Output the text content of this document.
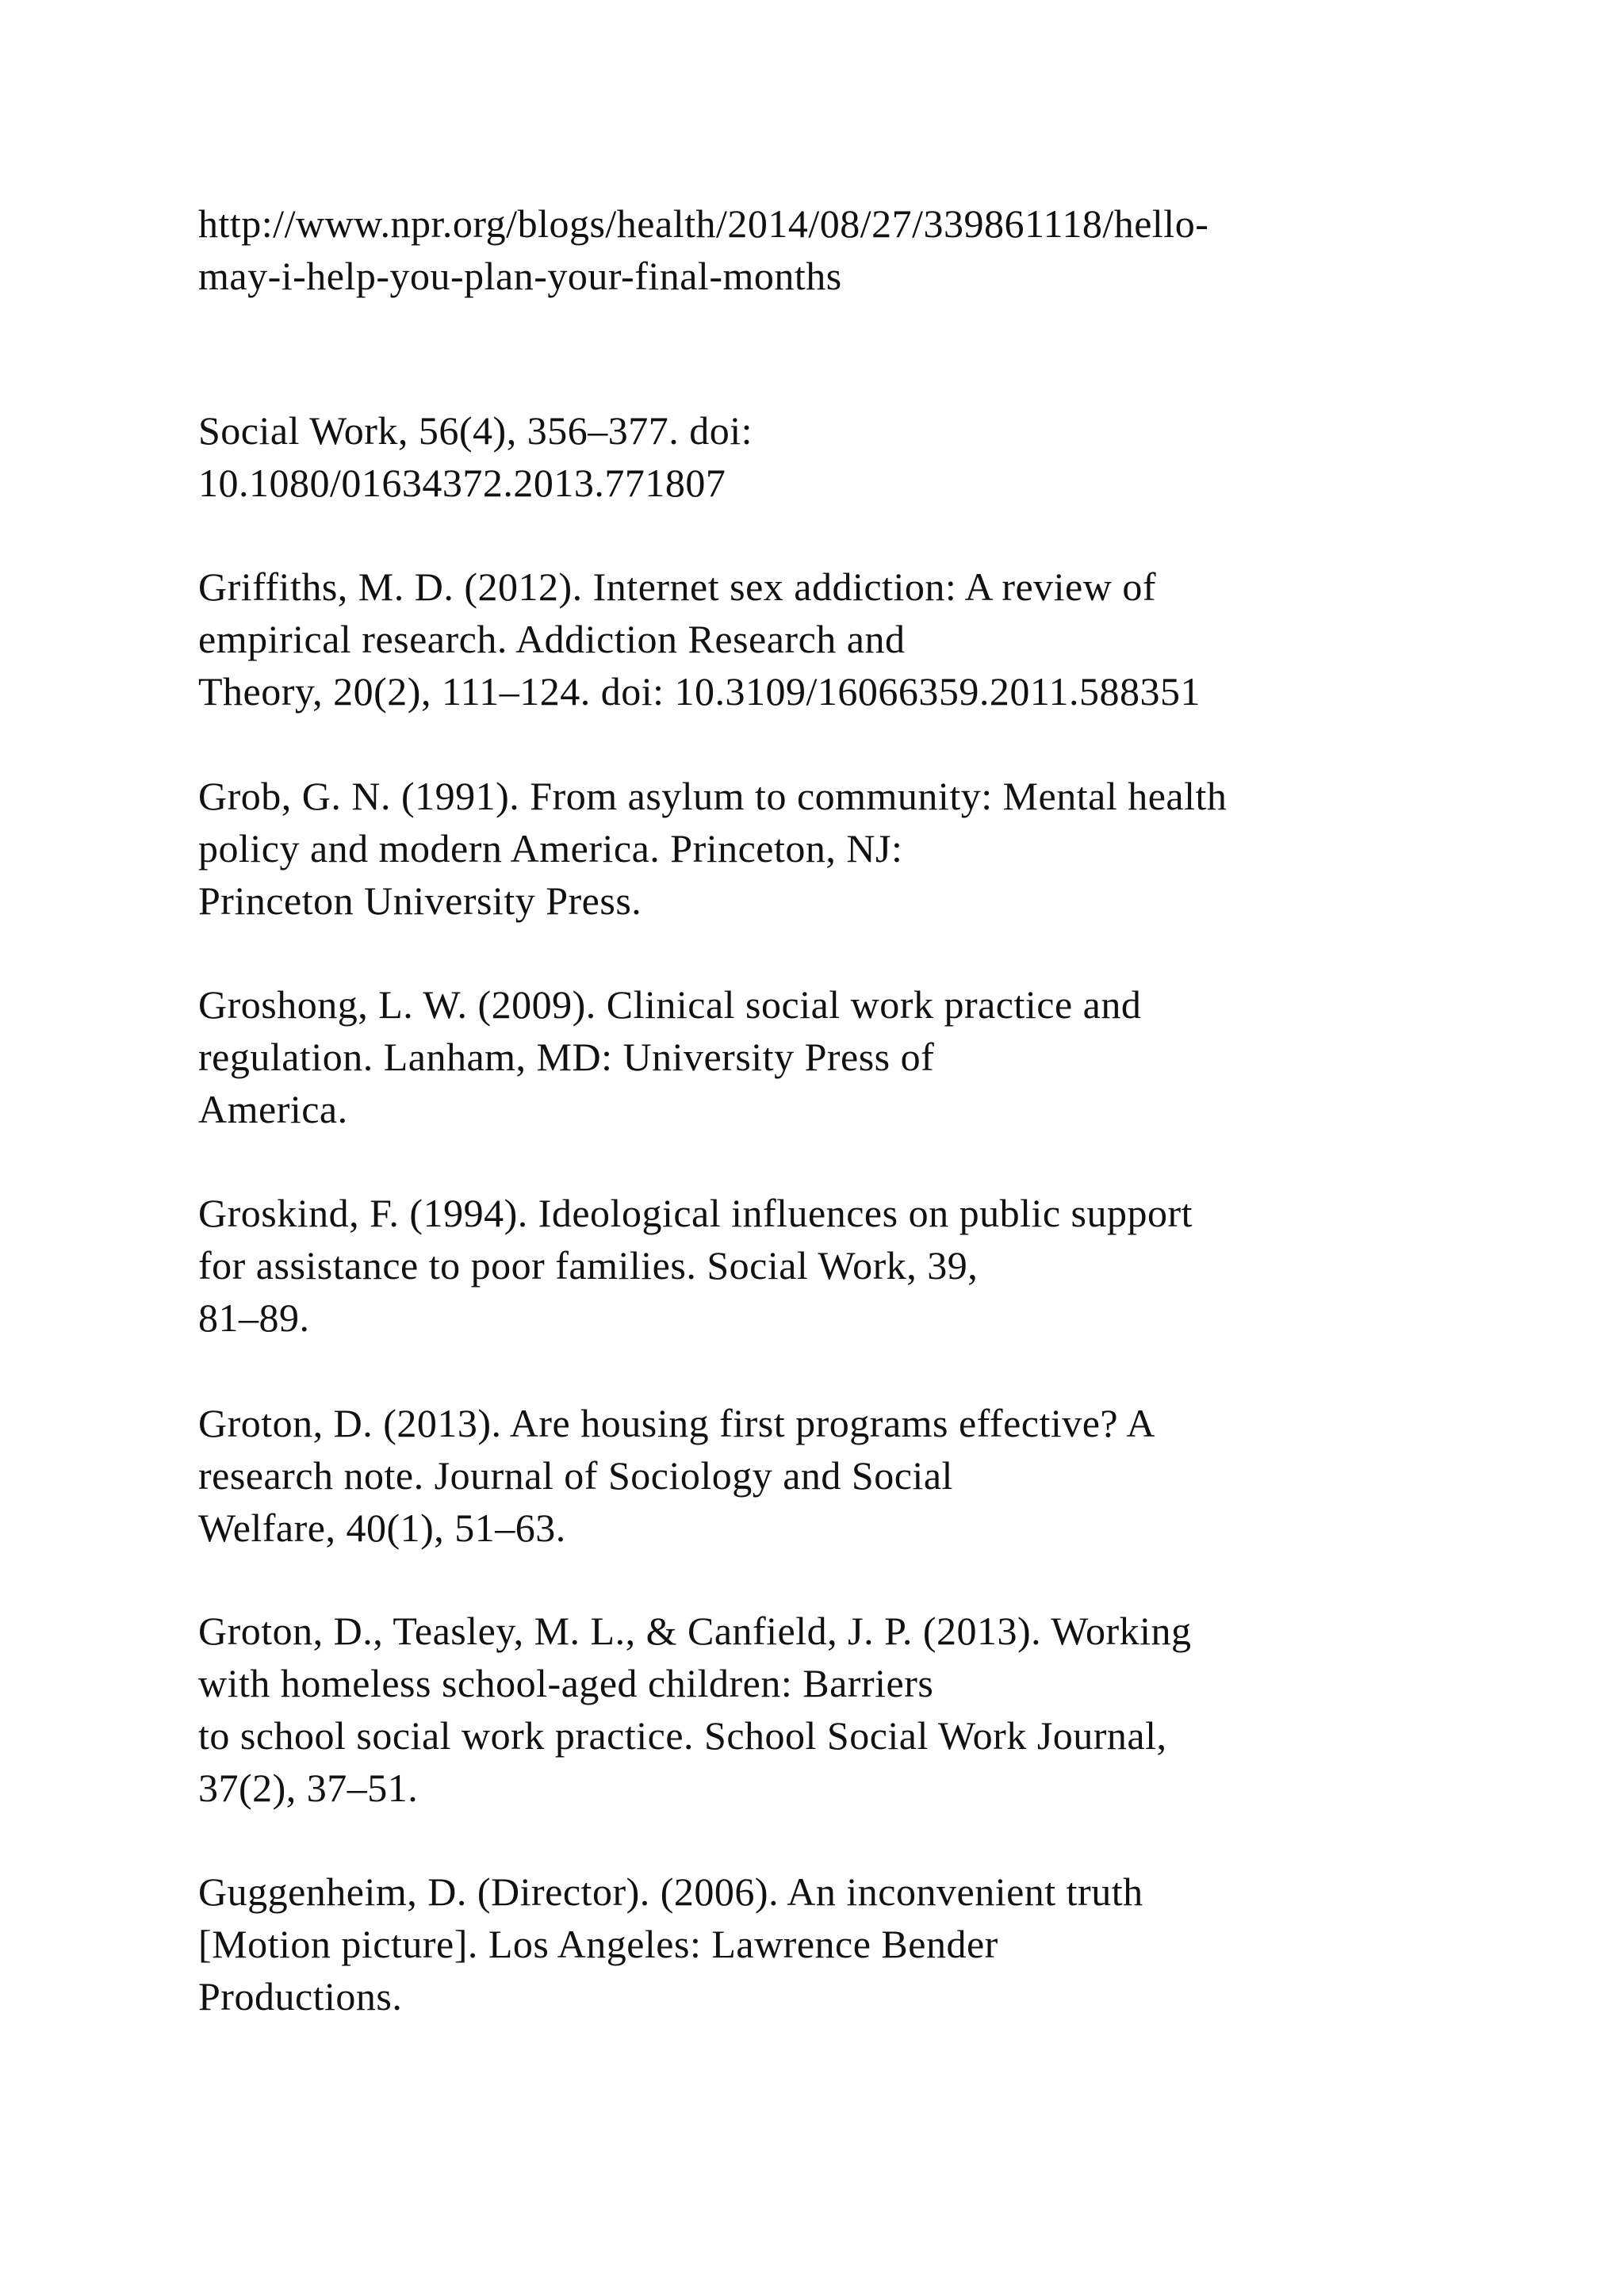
http://www.npr.org/blogs/health/2014/08/27/339861118/hello-
may-i-help-you-plan-your-final-months
Social Work, 56(4), 356–377. doi:
10.1080/01634372.2013.771807
Griffiths, M. D. (2012). Internet sex addiction: A review of
empirical research. Addiction Research and
Theory, 20(2), 111–124. doi: 10.3109/16066359.2011.588351
Grob, G. N. (1991). From asylum to community: Mental health
policy and modern America. Princeton, NJ:
Princeton University Press.
Groshong, L. W. (2009). Clinical social work practice and
regulation. Lanham, MD: University Press of
America.
Groskind, F. (1994). Ideological influences on public support
for assistance to poor families. Social Work, 39,
81–89.
Groton, D. (2013). Are housing first programs effective? A
research note. Journal of Sociology and Social
Welfare, 40(1), 51–63.
Groton, D., Teasley, M. L., & Canfield, J. P. (2013). Working
with homeless school-aged children: Barriers
to school social work practice. School Social Work Journal,
37(2), 37–51.
Guggenheim, D. (Director). (2006). An inconvenient truth
[Motion picture]. Los Angeles: Lawrence Bender
Productions.
